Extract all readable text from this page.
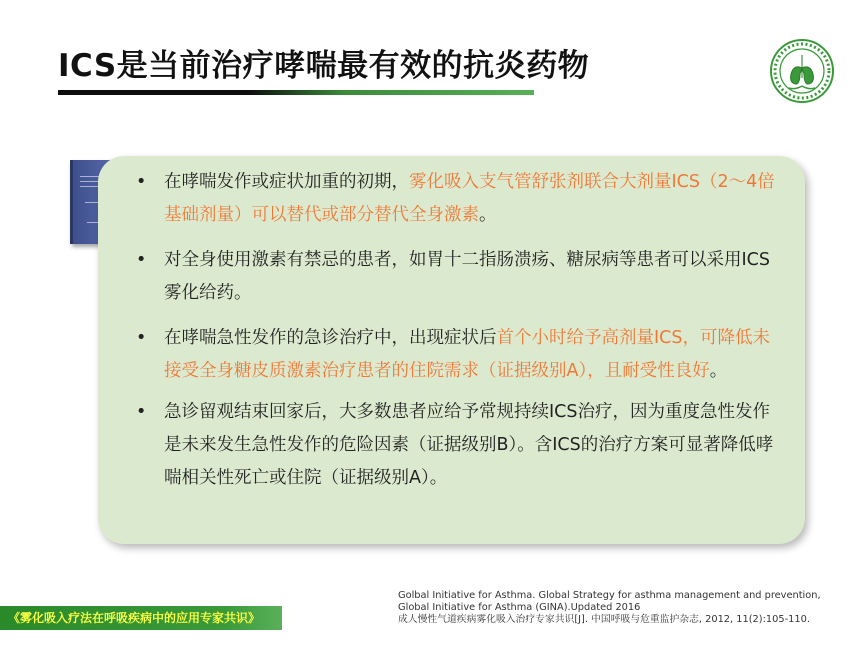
ICS是当前治疗哮喘最有效的抗炎药物
• 在哮喘发作或症状加重的初期，雾化吸入支气管舒张剂联合大剂量ICS（2～4倍基础剂量）可以替代或部分替代全身激素。
• 对全身使用激素有禁忌的患者，如胃十二指肠溃疡、糖尿病等患者可以采用ICS雾化给药。
• 在哮喘急性发作的急诊治疗中，出现症状后首个小时给予高剂量ICS，可降低未接受全身糖皮质激素治疗患者的住院需求（证据级别A），且耐受性良好。
• 急诊留观结束回家后，大多数患者应给予常规持续ICS治疗，因为重度急性发作是未来发生急性发作的危险因素（证据级别B）。含ICS的治疗方案可显著降低哮喘相关性死亡或住院（证据级别A）。
《雾化吸入疗法在呼吸疾病中的应用专家共识》

Golbal Initiative for Asthma. Global Strategy for asthma management and prevention, Global Initiative for Asthma (GINA).Updated 2016

成人慢性气道疾病雾化吸入治疗专家共识[J]. 中国呼吸与危重监护杂志, 2012, 11(2):105-110.
